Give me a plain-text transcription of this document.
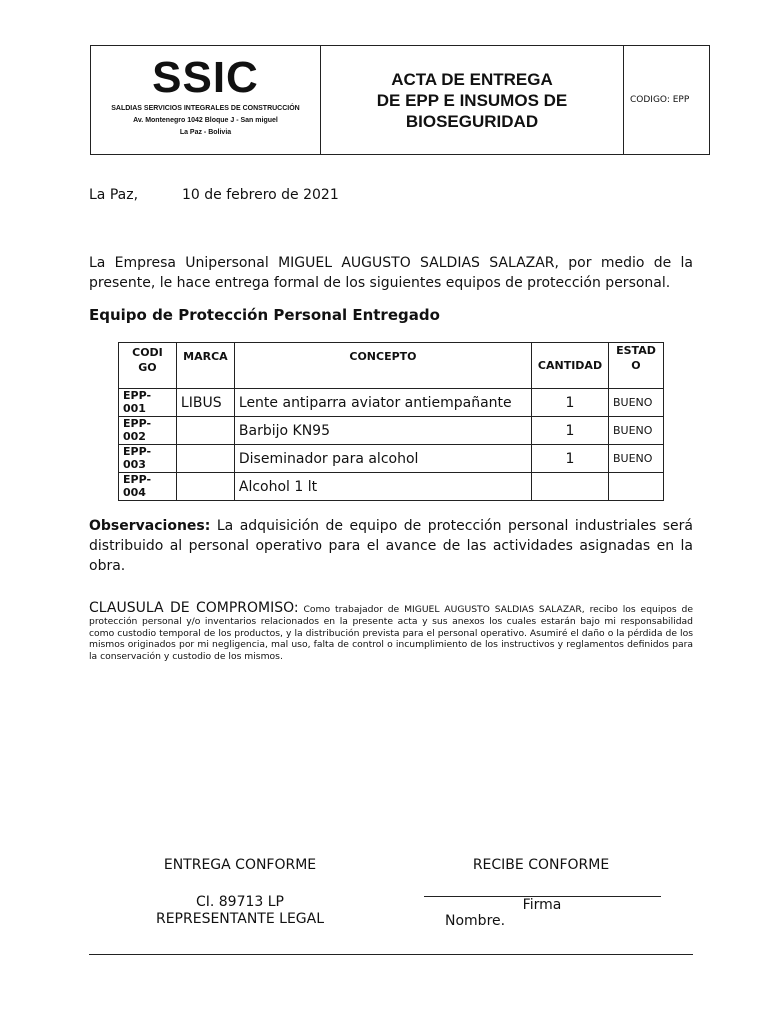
SSIC
SALDIAS SERVICIOS INTEGRALES DE CONSTRUCCIÓN
Av. Montenegro 1042 Bloque J - San miguel
La Paz - Bolivia
ACTA DE ENTREGA
DE EPP E INSUMOS DE
BIOSEGURIDAD
CODIGO: EPP
La Paz,	10 de febrero de 2021
La Empresa Unipersonal MIGUEL AUGUSTO SALDIAS SALAZAR, por medio de la presente, le hace entrega formal de los siguientes equipos de protección personal.
Equipo de Protección Personal Entregado
CODIGO	MARCA	CONCEPTO	CANTIDAD	ESTADO
EPP-001	LIBUS	Lente antiparra aviator antiempañante	1	BUENO
EPP-002		Barbijo KN95	1	BUENO
EPP-003		Diseminador para alcohol	1	BUENO
EPP-004		Alcohol 1 lt		
Observaciones: La adquisición de equipo de protección personal industriales será distribuido al personal operativo para el avance de las actividades asignadas en la obra.
CLAUSULA DE COMPROMISO: Como trabajador de MIGUEL AUGUSTO SALDIAS SALAZAR, recibo los equipos de protección personal y/o inventarios relacionados en la presente acta y sus anexos los cuales estarán bajo mi responsabilidad como custodio temporal de los productos, y la distribución prevista para el personal operativo. Asumiré el daño o la pérdida de los mismos originados por mi negligencia, mal uso, falta de control o incumplimiento de los instructivos y reglamentos definidos para la conservación y custodio de los mismos.
ENTREGA CONFORME
CI. 89713 LP
REPRESENTANTE LEGAL
RECIBE CONFORME
Firma
Nombre.
